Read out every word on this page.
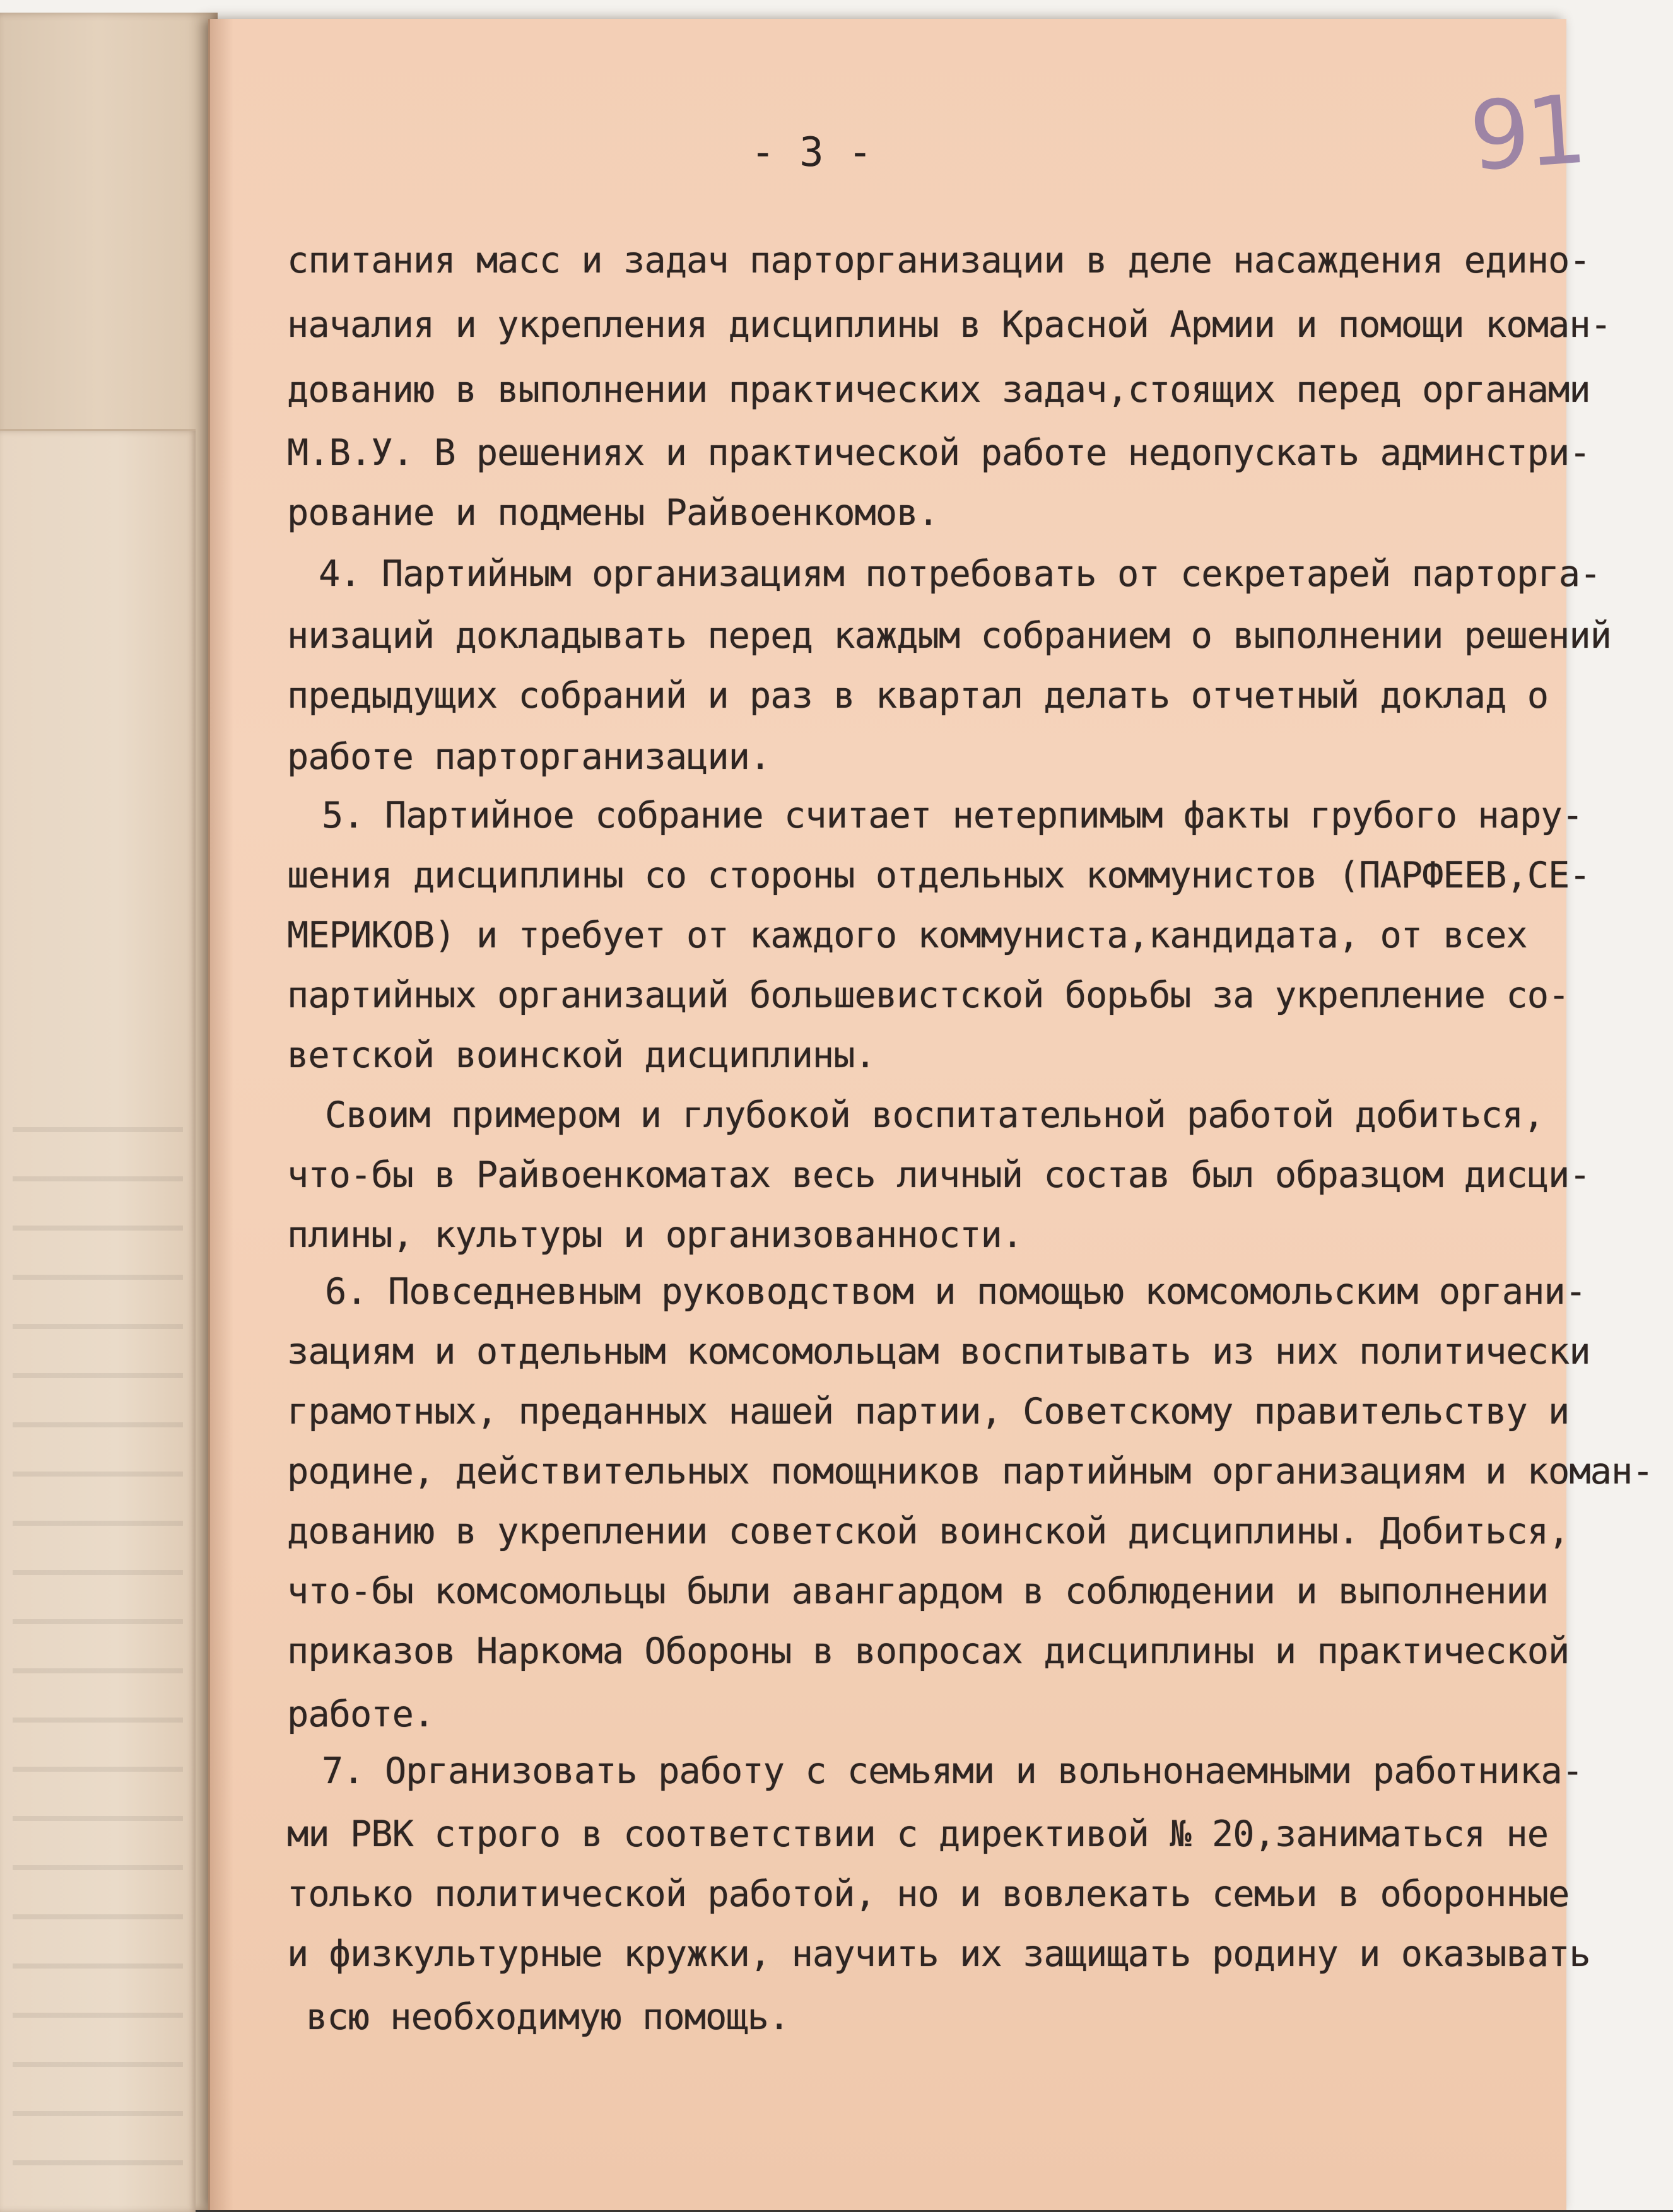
91
- 3 -
спитания масс и задач парторганизации в деле насаждения едино-
началия и укрепления дисциплины в Красной Армии и помощи коман-
дованию в выполнении практических задач,стоящих перед органами
М.В.У. В решениях и практической работе недопускать админстри-
рование и подмены Райвоенкомов.
4. Партийным организациям потребовать от секретарей парторга-
низаций докладывать перед каждым собранием о выполнении решений
предыдущих собраний и раз в квартал делать отчетный доклад о
работе парторганизации.
5. Партийное собрание считает нетерпимым факты грубого нару-
шения дисциплины со стороны отдельных коммунистов (ПАРФЕЕВ,СЕ-
МЕРИКОВ) и требует от каждого коммуниста,кандидата, от всех
партийных организаций большевистской борьбы за укрепление со-
ветской воинской дисциплины.
Своим примером и глубокой воспитательной работой добиться,
что-бы в Райвоенкоматах весь личный состав был образцом дисци-
плины, культуры и организованности.
6. Повседневным руководством и помощью комсомольским органи-
зациям и отдельным комсомольцам воспитывать из них политически
грамотных, преданных нашей партии, Советскому правительству и
родине, действительных помощников партийным организациям и коман-
дованию в укреплении советской воинской дисциплины. Добиться,
что-бы комсомольцы были авангардом в соблюдении и выполнении
приказов Наркома Обороны в вопросах дисциплины и практической
работе.
7. Организовать работу с семьями и вольнонаемными работника-
ми РВК строго в соответствии с директивой № 20,заниматься не
только политической работой, но и вовлекать семьи в оборонные
и физкультурные кружки, научить их защищать родину и оказывать
всю необходимую помощь.
